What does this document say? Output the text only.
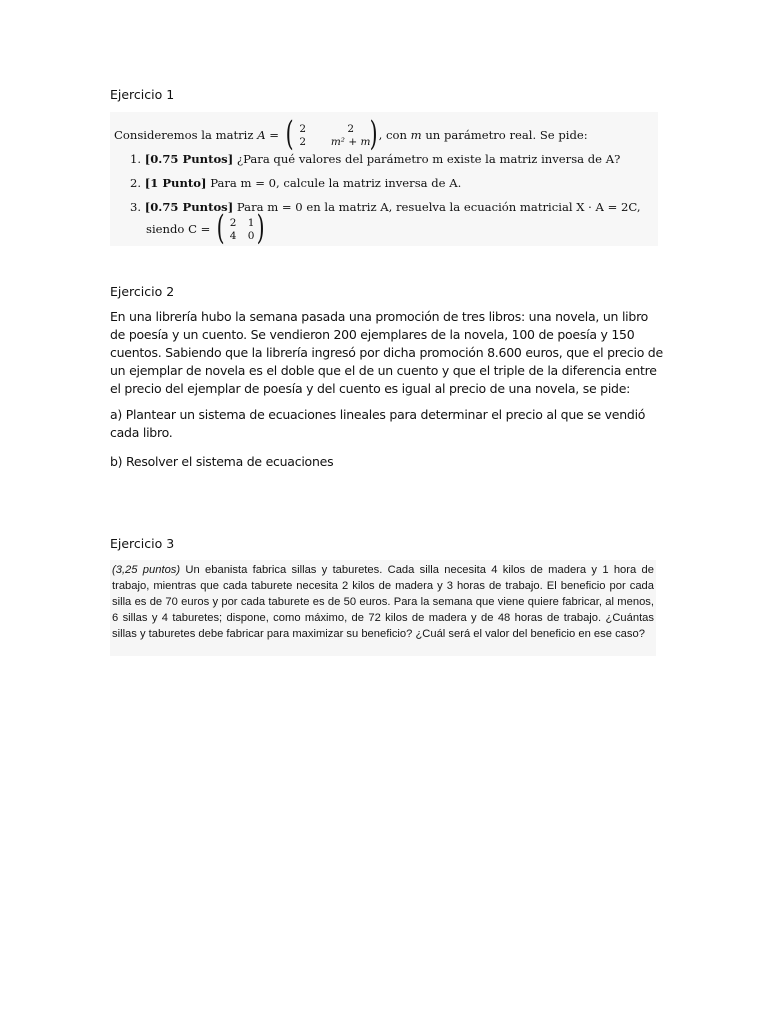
Ejercicio 1
Consideremos la matriz A = ( 2	2
2	m² + m
) , con m un parámetro real. Se pide:
1. [0.75 Puntos] ¿Para qué valores del parámetro m existe la matriz inversa de A?
2. [1 Punto] Para m = 0, calcule la matriz inversa de A.
3. [0.75 Puntos] Para m = 0 en la matriz A, resuelva la ecuación matricial X · A = 2C,
siendo C = ( 2 1
4 0 )
Ejercicio 2

En una librería hubo la semana pasada una promoción de tres libros: una novela, un libro de poesía y un cuento. Se vendieron 200 ejemplares de la novela, 100 de poesía y 150 cuentos. Sabiendo que la librería ingresó por dicha promoción 8.600 euros, que el precio de un ejemplar de novela es el doble que el de un cuento y que el triple de la diferencia entre el precio del ejemplar de poesía y del cuento es igual al precio de una novela, se pide:

a) Plantear un sistema de ecuaciones lineales para determinar el precio al que se vendió cada libro.

b) Resolver el sistema de ecuaciones

Ejercicio 3
(3,25 puntos) Un ebanista fabrica sillas y taburetes. Cada silla necesita 4 kilos de madera y 1 hora de trabajo, mientras que cada taburete necesita 2 kilos de madera y 3 horas de trabajo. El beneficio por cada silla es de 70 euros y por cada taburete es de 50 euros. Para la semana que viene quiere fabricar, al menos, 6 sillas y 4 taburetes; dispone, como máximo, de 72 kilos de madera y de 48 horas de trabajo. ¿Cuántas sillas y taburetes debe fabricar para maximizar su beneficio? ¿Cuál será el valor del beneficio en ese caso?
